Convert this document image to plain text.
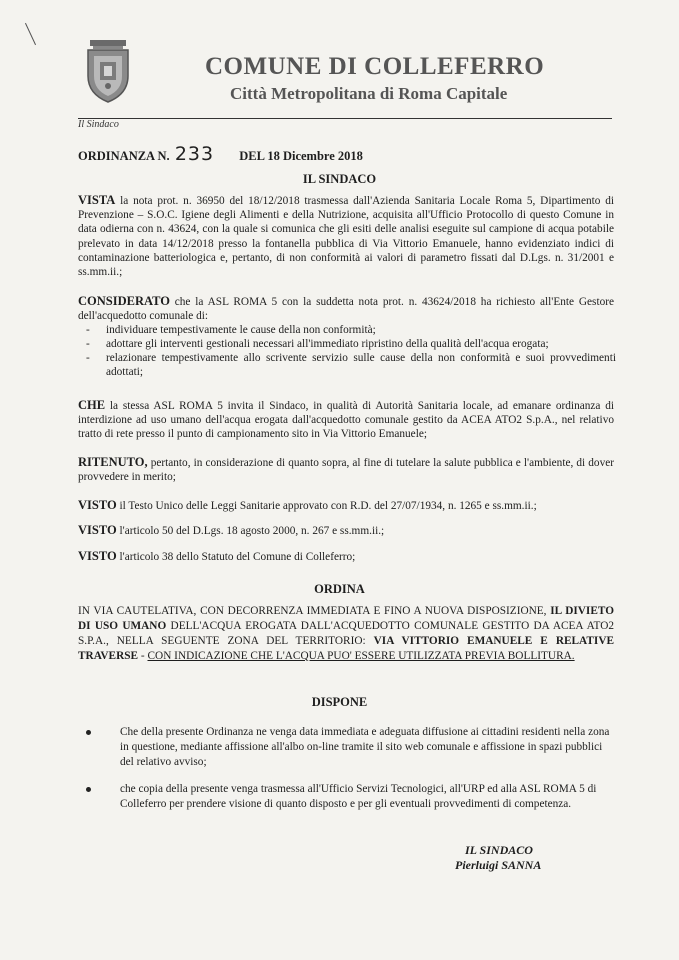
COMUNE DI COLLEFERRO
Città Metropolitana di Roma Capitale
Il Sindaco
ORDINANZA N. 233 DEL 18 Dicembre 2018
IL SINDACO
VISTA la nota prot. n. 36950 del 18/12/2018 trasmessa dall'Azienda Sanitaria Locale Roma 5, Dipartimento di Prevenzione – S.O.C. Igiene degli Alimenti e della Nutrizione, acquisita all'Ufficio Protocollo di questo Comune in data odierna con n. 43624, con la quale si comunica che gli esiti delle analisi eseguite sul campione di acqua potabile prelevato in data 14/12/2018 presso la fontanella pubblica di Via Vittorio Emanuele, hanno evidenziato indici di contaminazione batteriologica e, pertanto, di non conformità ai valori di parametro fissati dal D.Lgs. n. 31/2001 e ss.mm.ii.;
CONSIDERATO che la ASL ROMA 5 con la suddetta nota prot. n. 43624/2018 ha richiesto all'Ente Gestore dell'acquedotto comunale di:
- individuare tempestivamente le cause della non conformità;
- adottare gli interventi gestionali necessari all'immediato ripristino della qualità dell'acqua erogata;
- relazionare tempestivamente allo scrivente servizio sulle cause della non conformità e suoi provvedimenti adottati;
CHE la stessa ASL ROMA 5 invita il Sindaco, in qualità di Autorità Sanitaria locale, ad emanare ordinanza di interdizione ad uso umano dell'acqua erogata dall'acquedotto comunale gestito da ACEA ATO2 S.p.A., nel relativo tratto di rete presso il punto di campionamento sito in Via Vittorio Emanuele;
RITENUTO, pertanto, in considerazione di quanto sopra, al fine di tutelare la salute pubblica e l'ambiente, di dover provvedere in merito;
VISTO il Testo Unico delle Leggi Sanitarie approvato con R.D. del 27/07/1934, n. 1265 e ss.mm.ii.;
VISTO l'articolo 50 del D.Lgs. 18 agosto 2000, n. 267 e ss.mm.ii.;
VISTO l'articolo 38 dello Statuto del Comune di Colleferro;
ORDINA
IN VIA CAUTELATIVA, CON DECORRENZA IMMEDIATA E FINO A NUOVA DISPOSIZIONE, IL DIVIETO DI USO UMANO DELL'ACQUA EROGATA DALL'ACQUEDOTTO COMUNALE GESTITO DA ACEA ATO2 S.P.A., NELLA SEGUENTE ZONA DEL TERRITORIO: VIA VITTORIO EMANUELE E RELATIVE TRAVERSE - CON INDICAZIONE CHE L'ACQUA PUO' ESSERE UTILIZZATA PREVIA BOLLITURA.
DISPONE
Che della presente Ordinanza ne venga data immediata e adeguata diffusione ai cittadini residenti nella zona in questione, mediante affissione all'albo on-line tramite il sito web comunale e affissione in spazi pubblici del relativo avviso;
che copia della presente venga trasmessa all'Ufficio Servizi Tecnologici, all'URP ed alla ASL ROMA 5 di Colleferro per prendere visione di quanto disposto e per gli eventuali provvedimenti di competenza.
IL SINDACO
Pierluigi SANNA
